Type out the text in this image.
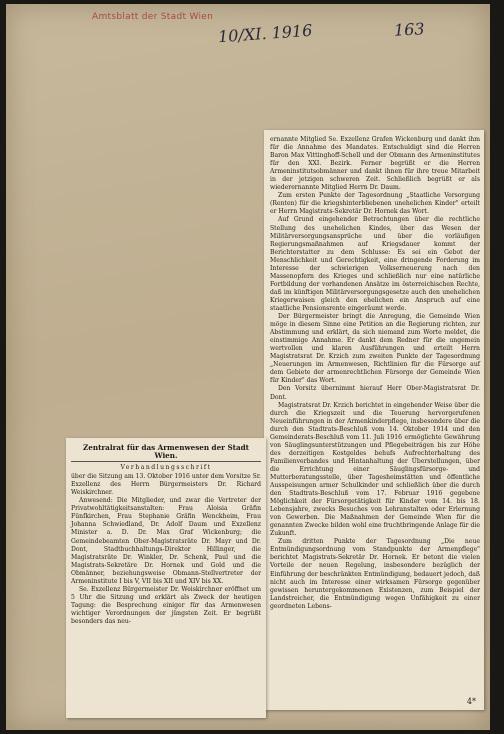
Amtsblatt der Stadt Wien
10/XI. 1916	163

ernannte Mitglied Se. Exzellenz Grafen Wickenburg und dankt ihm für die Annahme des Mandates. Entschuldigt sind die Herren Baron Max Vittinghoff-Schell und der Obmann des Armeninstitutes für den XXI. Bezirk. Ferner begrüßt er die Herren Armeninstitutsobmänner und dankt ihnen für ihre treue Mitarbeit in der jetzigen schweren Zeit. Schließlich begrüßt er als wiederernannte Mitglied Herrn Dr. Daum.

Zum ersten Punkte der Tagesordnung „Staatliche Versorgung (Renten) für die kriegshinterbliebenen unehelichen Kinder" erteilt er Herrn Magistrats-Sekretär Dr. Hornek das Wort.

Auf Grund eingehender Betrachtungen über die rechtliche Stellung des unehelichen Kindes, über das Wesen der Militärversorgungsansprüche und über die vorläufigen Regierungsmaßnahmen auf Kriegsdauer kommt der Berichterstatter zu dem Schlusse: Es sei ein Gebot der Menschlichkeit und Gerechtigkeit, eine dringende Forderung im Interesse der schwierigen Volkserneuerung nach den Massenopfern des Krieges und schließlich nur eine natürliche Fortbildung der vorhandenen Ansätze im österreichischen Rechte, daß im künftigen Militärversorgungsgesetze auch den unehelichen Kriegerwaisen gleich den ehelichen ein Anspruch auf eine staatliche Pensionsrente eingeräumt werde.

Der Bürgermeister bringt die Anregung, die Gemeinde Wien möge in diesem Sinne eine Petition an die Regierung richten, zur Abstimmung und erklärt, da sich niemand zum Worte meldet, die einstimmige Annahme. Er dankt dem Redner für die ungemein wertvollen und klaren Ausführungen und erteilt Herrn Magistratsrat Dr. Krzich zum zweiten Punkte der Tagesordnung „Neuerungen im Armenwesen, Richtlinien für die Fürsorge auf dem Gebiete der armenrechtlichen Fürsorge der Gemeinde Wien für Kinder" das Wort.

Den Vorsitz übernimmt hierauf Herr Ober-Magistratsrat Dr. Dont.

Magistratsrat Dr. Krzich berichtet in eingehender Weise über die durch die Kriegszeit und die Teuerung hervorgerufenen Neueinführungen in der Armenkinderpflege, insbesondere über die durch den Stadtrats-Beschluß vom 14. Oktober 1914 und den Gemeinderats-Beschluß vom 11. Juli 1916 ermöglichte Gewährung von Säuglingsunterstützungen und Pflegebeiträgen bis zur Höhe des derzeitigen Kostgeldes behufs Aufrechterhaltung des Familienverbandes und Hintanhaltung der Überstellungen, über die Errichtung einer Säuglingsfürsorge- und Mutterberatungsstelle, über Tagesheimstätten und öffentliche Ausspeisungen armer Schulkinder und schließlich über die durch den Stadtrats-Beschluß vom 17. Februar 1916 gegebene Möglichkeit der Fürsorgetätigkeit für Kinder vom 14. bis 18. Lebensjahre, zwecks Besuches von Lehranstalten oder Erlernung von Gewerben. Die Maßnahmen der Gemeinde Wien für die genannten Zwecke bilden wohl eine fruchtbringende Anlage für die Zukunft.

Zum dritten Punkte der Tagesordnung „Die neue Entmündigungsordnung vom Standpunkte der Armenpflege" berichtet Magistrats-Sekretär Dr. Hornek. Er betont die vielen Vorteile der neuen Regelung, insbesondere bezüglich der Einführung der beschränkten Entmündigung, bedauert jedoch, daß nicht auch im Interesse einer wirksamen Fürsorge gegenüber gewissen heruntergekommenen Existenzen, zum Beispiel der Landstreicher, die Entmündigung wegen Unfähigkeit zu einer geordneten Lebens-

4*
Zentralrat für das Armenwesen der Stadt Wien.
Verhandlungsschrift

über die Sitzung am 13. Oktober 1916 unter dem Vorsitze Sr. Exzellenz des Herrn Bürgermeisters Dr. Richard Weiskirchner.

Anwesend: Die Mitglieder, und zwar die Vertreter der Privatwohltätigkeitsanstalten: Frau Aloisia Gräfin Fünfkirchen, Frau Stephanie Gräfin Wenckheim, Frau Johanna Schwiedland, Dr. Adolf Daum und Exzellenz Minister a. D. Dr. Max Graf Wickenburg; die Gemeindebeamten Ober-Magistratsräte Dr. Mayr und Dr. Dont, Stadtbuchhaltungs-Direktor Hillinger, die Magistratsräte Dr. Winkler, Dr. Schenk, Paul und die Magistrats-Sekretäre Dr. Hornek und Gold und die Obmänner, beziehungsweise Obmann-Stellvertreter der Armeninstitute I bis V, VII bis XII und XIV bis XX.

Se. Exzellenz Bürgermeister Dr. Weiskirchner eröffnet um 5 Uhr die Sitzung und erklärt als Zweck der heutigen Tagung: die Besprechung einiger für das Armenwesen wichtiger Verordnungen der jüngsten Zeit. Er begrüßt besonders das neu-
